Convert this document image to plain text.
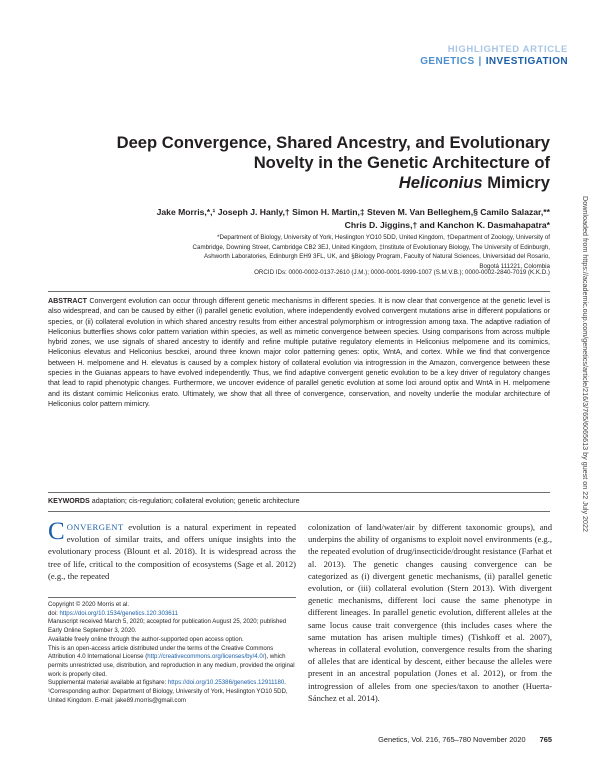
HIGHLIGHTED ARTICLE
GENETICS | INVESTIGATION
Downloaded from https://academic.oup.com/genetics/article/216/3/765/6065613 by guest on 22 July 2022
Deep Convergence, Shared Ancestry, and Evolutionary
Novelty in the Genetic Architecture of
Heliconius Mimicry
Jake Morris,*,¹ Joseph J. Hanly,† Simon H. Martin,‡ Steven M. Van Belleghem,§ Camilo Salazar,**
Chris D. Jiggins,† and Kanchon K. Dasmahapatra*
*Department of Biology, University of York, Heslington YO10 5DD, United Kingdom, †Department of Zoology, University of
Cambridge, Downing Street, Cambridge CB2 3EJ, United Kingdom, ‡Institute of Evolutionary Biology, The University of Edinburgh,
Ashworth Laboratories, Edinburgh EH9 3FL, UK, and §Biology Program, Faculty of Natural Sciences, Universidad del Rosario,
Bogotá 111221, Colombia
ORCID IDs: 0000-0002-0137-2610 (J.M.); 0000-0001-9399-1007 (S.M.V.B.); 0000-0002-2840-7019 (K.K.D.)
ABSTRACT Convergent evolution can occur through different genetic mechanisms in different species. It is now clear that convergence at the genetic level is also widespread, and can be caused by either (i) parallel genetic evolution, where independently evolved convergent mutations arise in different populations or species, or (ii) collateral evolution in which shared ancestry results from either ancestral polymorphism or introgression among taxa. The adaptive radiation of Heliconius butterflies shows color pattern variation within species, as well as mimetic convergence between species. Using comparisons from across multiple hybrid zones, we use signals of shared ancestry to identify and refine multiple putative regulatory elements in Heliconius melpomene and its comimics, Heliconius elevatus and Heliconius besckei, around three known major color patterning genes: optix, WntA, and cortex. While we find that convergence between H. melpomene and H. elevatus is caused by a complex history of collateral evolution via introgression in the Amazon, convergence between these species in the Guianas appears to have evolved independently. Thus, we find adaptive convergent genetic evolution to be a key driver of regulatory changes that lead to rapid phenotypic changes. Furthermore, we uncover evidence of parallel genetic evolution at some loci around optix and WntA in H. melpomene and its distant comimic Heliconius erato. Ultimately, we show that all three of convergence, conservation, and novelty underlie the modular architecture of Heliconius color pattern mimicry.
KEYWORDS adaptation; cis-regulation; collateral evolution; genetic architecture
CONVERGENT evolution is a natural experiment in repeated evolution of similar traits, and offers unique insights into the evolutionary process (Blount et al. 2018). It is widespread across the tree of life, critical to the composition of ecosystems (Sage et al. 2012) (e.g., the repeated
colonization of land/water/air by different taxonomic groups), and underpins the ability of organisms to exploit novel environments (e.g., the repeated evolution of drug/insecticide/drought resistance (Farhat et al. 2013). The genetic changes causing convergence can be categorized as (i) divergent genetic mechanisms, (ii) parallel genetic evolution, or (iii) collateral evolution (Stern 2013). With divergent genetic mechanisms, different loci cause the same phenotype in different lineages. In parallel genetic evolution, different alleles at the same locus cause trait convergence (this includes cases where the same mutation has arisen multiple times) (Tishkoff et al. 2007), whereas in collateral evolution, convergence results from the sharing of alleles that are identical by descent, either because the alleles were present in an ancestral population (Jones et al. 2012), or from the introgression of alleles from one species/taxon to another (Huerta-Sánchez et al. 2014).
Copyright © 2020 Morris et al.
doi: https://doi.org/10.1534/genetics.120.303611
Manuscript received March 5, 2020; accepted for publication August 25, 2020; published Early Online September 3, 2020.
Available freely online through the author-supported open access option.
This is an open-access article distributed under the terms of the Creative Commons Attribution 4.0 International License (http://creativecommons.org/licenses/by/4.0/), which permits unrestricted use, distribution, and reproduction in any medium, provided the original work is properly cited.
Supplemental material available at figshare: https://doi.org/10.25386/genetics.12911180.
¹Corresponding author: Department of Biology, University of York, Heslington YO10 5DD, United Kingdom. E-mail: jake89.morris@gmail.com
Genetics, Vol. 216, 765–780 November 2020 765
